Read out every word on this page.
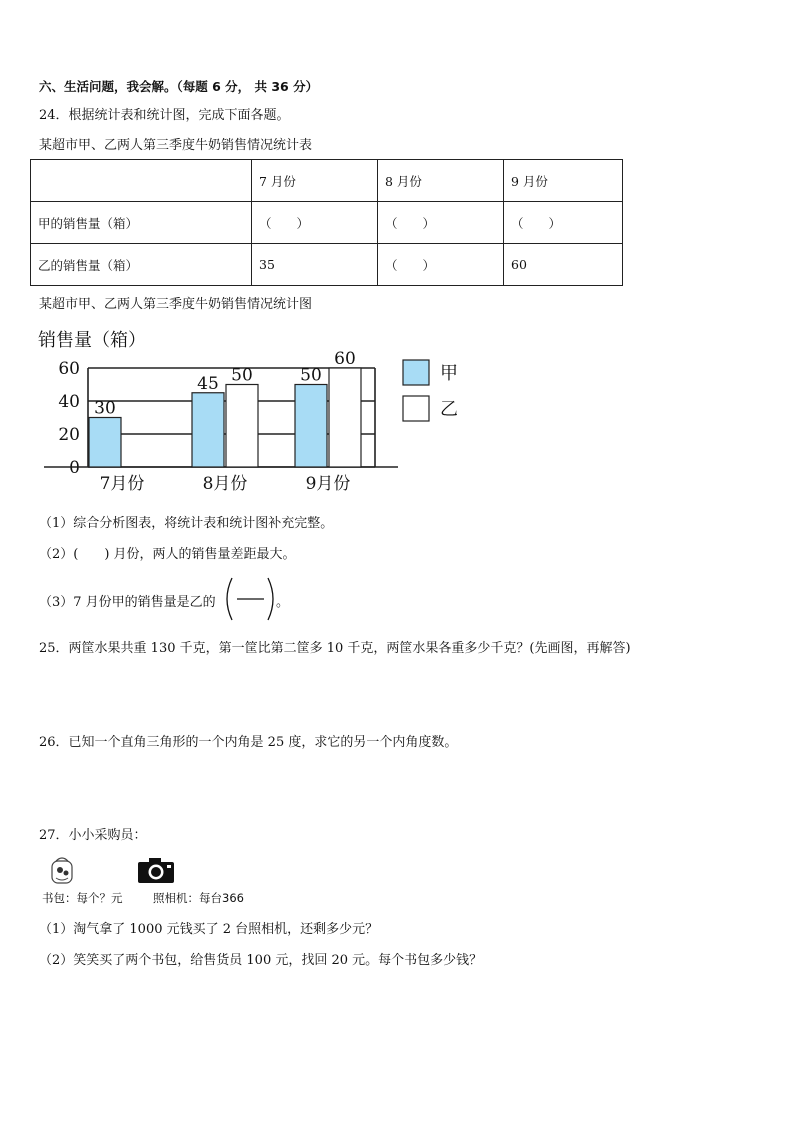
六、生活问题，我会解。（每题 6 分， 共 36 分）
24．根据统计表和统计图，完成下面各题。
某超市甲、乙两人第三季度牛奶销售情况统计表
	7 月份	8 月份	9 月份
甲的销售量（箱）	（　　）	（　　）	（　　）
乙的销售量（箱）	35	（　　）	60
某超市甲、乙两人第三季度牛奶销售情况统计图
销售量（箱）
0
20
40
60
30
7月份
45 50
8月份
50
60
9月份
甲
乙
（1）综合分析图表，将统计表和统计图补充完整。
（2）(　　) 月份，两人的销售量差距最大。
（3）7 月份甲的销售量是乙的	。
25．两筐水果共重 130 千克，第一筐比第二筐多 10 千克，两筐水果各重多少千克？(先画图，再解答)
26．已知一个直角三角形的一个内角是 25 度，求它的另一个内角度数。
27．小小采购员：
书包：每个？元	照相机：每台366
（1）淘气拿了 1000 元钱买了 2 台照相机，还剩多少元？
（2）笑笑买了两个书包，给售货员 100 元，找回 20 元。每个书包多少钱？
